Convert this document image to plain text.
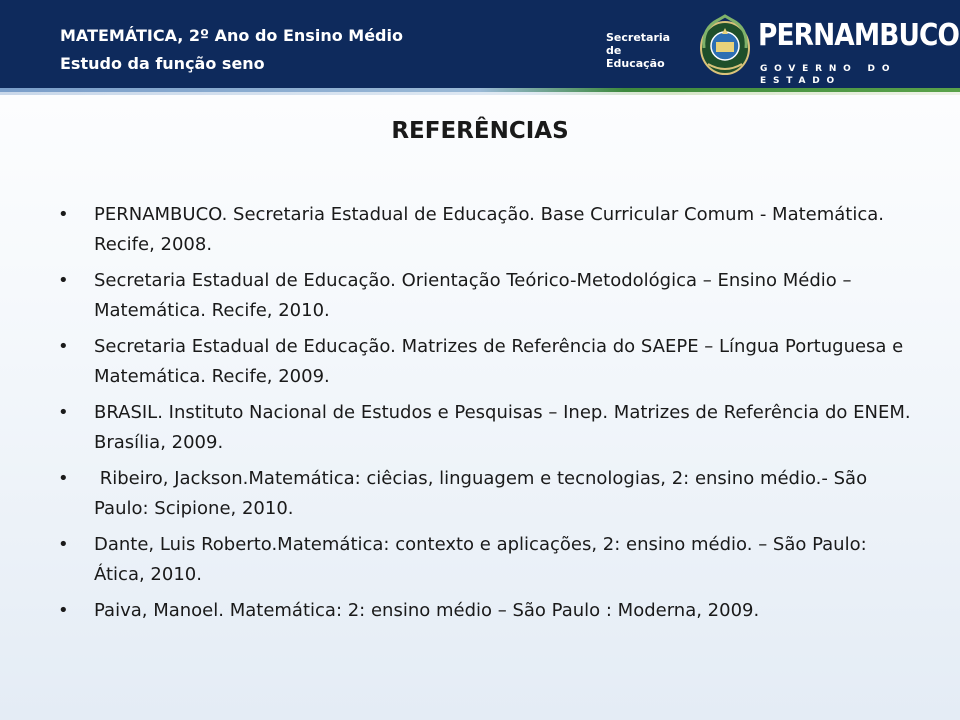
MATEMÁTICA, 2º Ano do Ensino Médio
Estudo da função seno
Secretaria de
Educação
PERNAMBUCO
GOVERNO DO ESTADO
REFERÊNCIAS
• PERNAMBUCO. Secretaria Estadual de Educação. Base Curricular Comum - Matemática. Recife, 2008.
• Secretaria Estadual de Educação. Orientação Teórico-Metodológica – Ensino Médio – Matemática. Recife, 2010.
• Secretaria Estadual de Educação. Matrizes de Referência do SAEPE – Língua Portuguesa e Matemática. Recife, 2009.
• BRASIL. Instituto Nacional de Estudos e Pesquisas – Inep. Matrizes de Referência do ENEM. Brasília, 2009.
• Ribeiro, Jackson.Matemática: ciêcias, linguagem e tecnologias, 2: ensino médio.- São Paulo: Scipione, 2010.
• Dante, Luis Roberto.Matemática: contexto e aplicações, 2: ensino médio. – São Paulo: Ática, 2010.
• Paiva, Manoel. Matemática: 2: ensino médio – São Paulo : Moderna, 2009.
